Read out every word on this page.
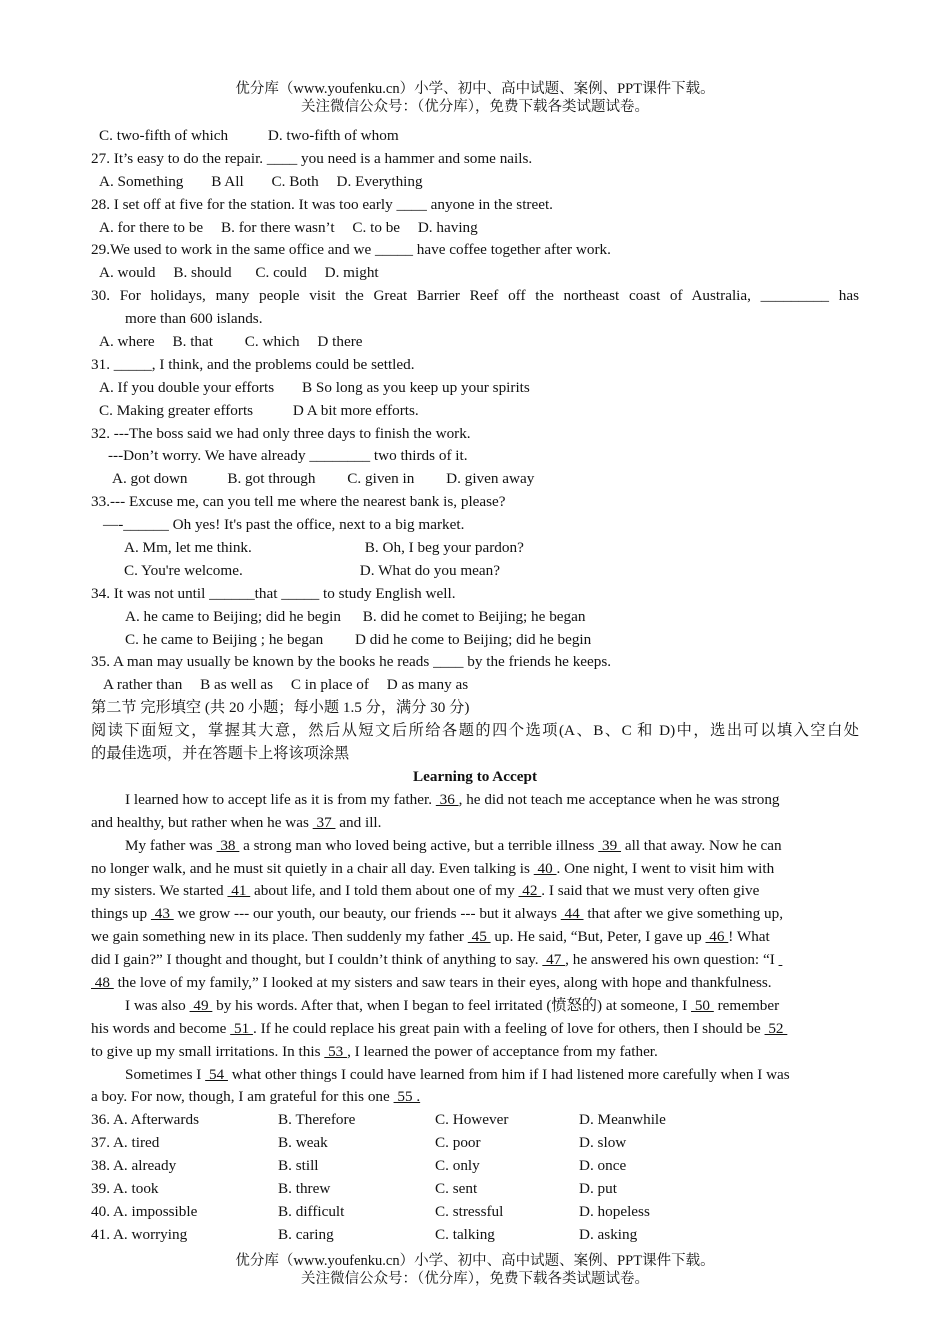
优分库（www.youfenku.cn）小学、初中、高中试题、案例、PPT课件下载。
关注微信公众号：（优分库），免费下载各类试题试卷。
C. two-fifth of which	D. two-fifth of whom
27. It’s easy to do the repair. ____ you need is a hammer and some nails.
A. Something B All C. Both D. Everything
28. I set off at five for the station. It was too early ____ anyone in the street.
A. for there to be B. for there wasn’t C. to be D. having
29.We used to work in the same office and we _____ have coffee together after work.
A. would B. should C. could D. might
30. For holidays, many people visit the Great Barrier Reef off the northeast coast of Australia, _________ has
more than 600 islands.
A. where B. that C. which D there
31. _____, I think, and the problems could be settled.
A. If you double your efforts B So long as you keep up your spirits
C. Making greater efforts	D A bit more efforts.
32. ---The boss said we had only three days to finish the work.
---Don’t worry. We have already ________ two thirds of it.
A. got down	B. got through C. given in D. given away
33.--- Excuse me, can you tell me where the nearest bank is, please?
—-______ Oh yes! It's past the office, next to a big market.
A. Mm, let me think.	B. Oh, I beg your pardon?
C. You're welcome.	D. What do you mean?
34. It was not until ______that _____ to study English well.
A. he came to Beijing; did he begin B. did he comet to Beijing; he began
C. he came to Beijing ; he began D did he come to Beijing; did he begin
35. A man may usually be known by the books he reads ____ by the friends he keeps.
A rather than B as well as C in place of D as many as
第二节 完形填空 (共 20 小题；每小题 1.5 分，满分 30 分)
阅读下面短文，掌握其大意，然后从短文后所给各题的四个选项(A、B、C 和 D)中，选出可以填入空白处
的最佳选项，并在答题卡上将该项涂黑
Learning to Accept
I learned how to accept life as it is from my father.  36 , he did not teach me acceptance when he was strong
and healthy, but rather when he was  37  and ill.
My father was  38  a strong man who loved being active, but a terrible illness  39  all that away. Now he can
no longer walk, and he must sit quietly in a chair all day. Even talking is  40 . One night, I went to visit him with
my sisters. We started  41  about life, and I told them about one of my  42 . I said that we must very often give
things up  43  we grow --- our youth, our beauty, our friends --- but it always  44  that after we give something up,
we gain something new in its place. Then suddenly my father  45  up. He said, “But, Peter, I gave up  46 ! What
did I gain?” I thought and thought, but I couldn’t think of anything to say.  47 , he answered his own question: “I
48  the love of my family,” I looked at my sisters and saw tears in their eyes, along with hope and thankfulness.
I was also  49  by his words. After that, when I began to feel irritated (愤怒的) at someone, I  50  remember
his words and become  51 . If he could replace his great pain with a feeling of love for others, then I should be  52
to give up my small irritations. In this  53 , I learned the power of acceptance from my father.
Sometimes I  54  what other things I could have learned from him if I had listened more carefully when I was
a boy. For now, though, I am grateful for this one  55 .
36. A. Afterwards	B. Therefore	C. However	D. Meanwhile
37. A. tired	B. weak	C. poor	D. slow
38. A. already	B. still	C. only	D. once
39. A. took	B. threw	C. sent	D. put
40. A. impossible	B. difficult	C. stressful	D. hopeless
41. A. worrying	B. caring	C. talking	D. asking
优分库（www.youfenku.cn）小学、初中、高中试题、案例、PPT课件下载。
关注微信公众号：（优分库），免费下载各类试题试卷。
